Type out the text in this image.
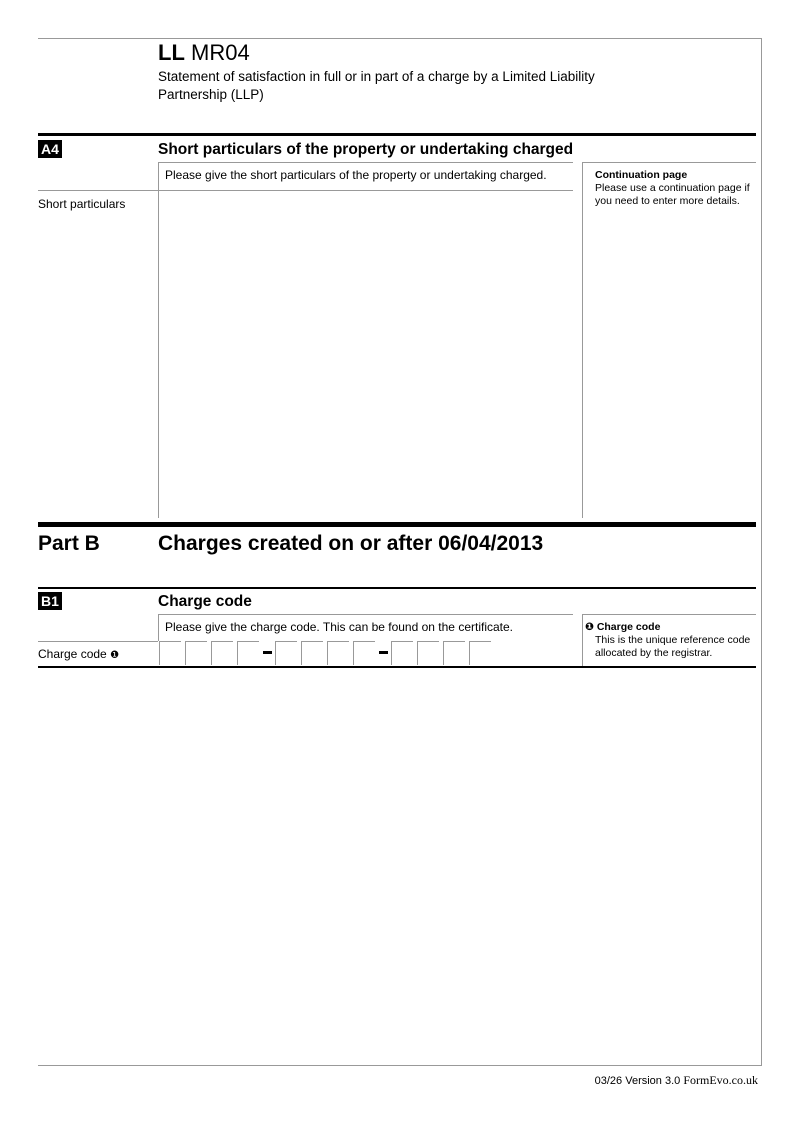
LL MR04
Statement of satisfaction in full or in part of a charge by a Limited Liability Partnership (LLP)
A4	Short particulars of the property or undertaking charged
Please give the short particulars of the property or undertaking charged.
Short particulars
Continuation page
Please use a continuation page if you need to enter more details.
Part B	Charges created on or after 06/04/2013
B1	Charge code
Please give the charge code. This can be found on the certificate.
Charge code ❶
❶ Charge code
This is the unique reference code allocated by the registrar.
03/26 Version 3.0 FormEvo.co.uk
